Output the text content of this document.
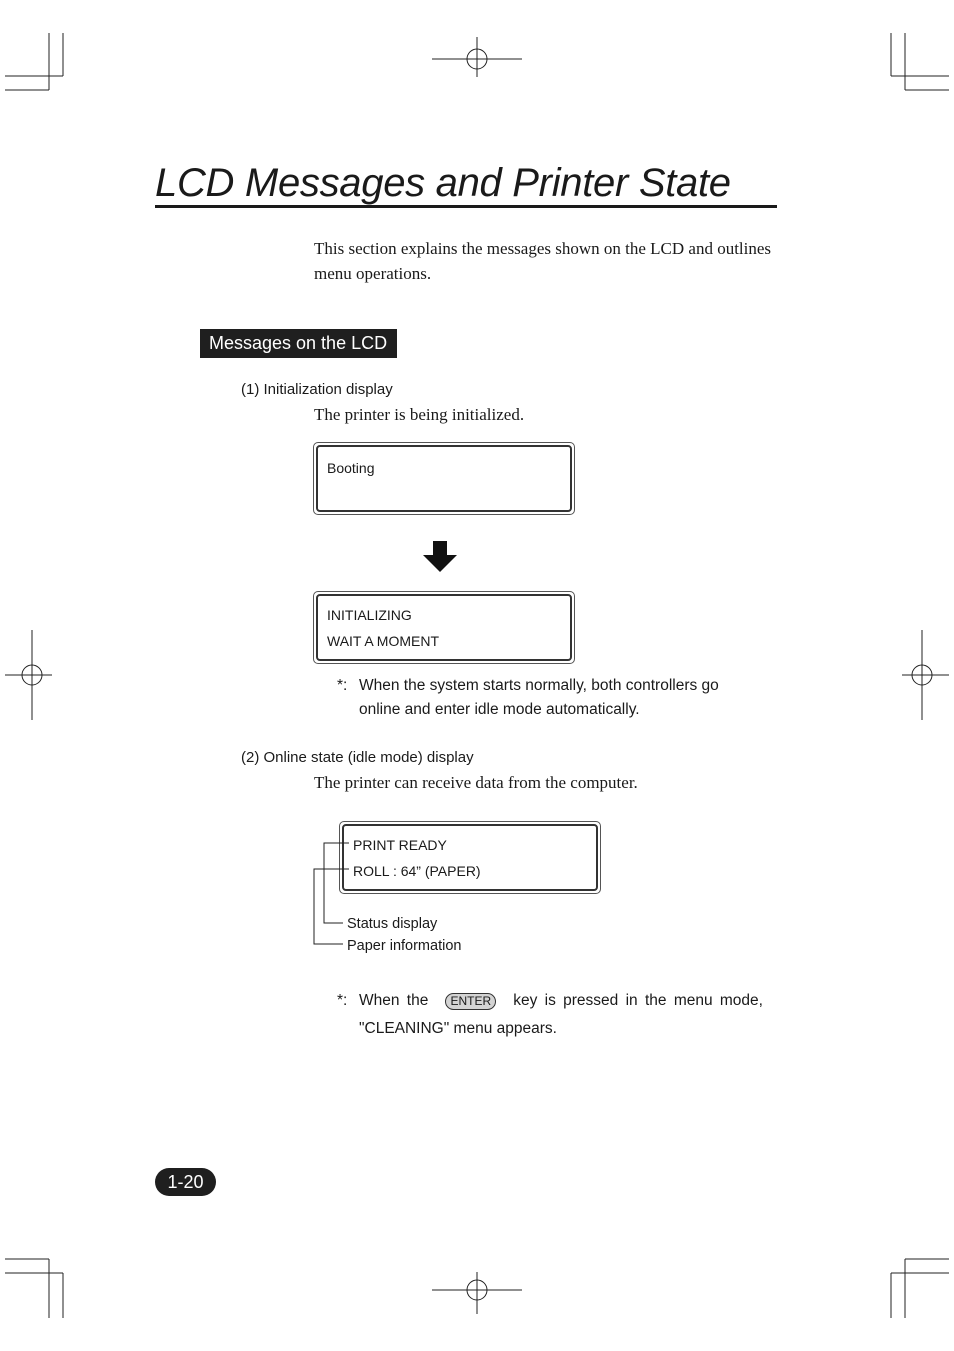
LCD Messages and Printer State
This section explains the messages shown on the LCD and outlines
menu operations.
Messages on the LCD
(1) Initialization display
The printer is being initialized.
Booting
INITIALIZING
WAIT A MOMENT
*: When the system starts normally, both controllers go
online and enter idle mode automatically.
(2) Online state (idle mode) display
The printer can receive data from the computer.
PRINT READY
ROLL : 64” (PAPER)
Status display
Paper information
*: When the	ENTER	key is pressed in the menu mode,
"CLEANING" menu appears.
1-20
